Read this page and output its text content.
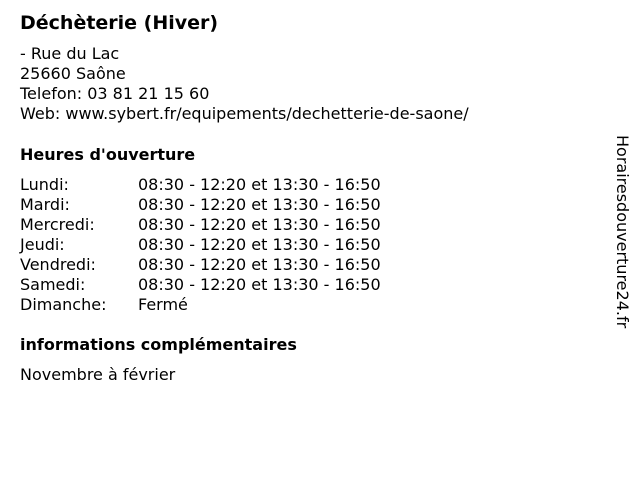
Déchèterie (Hiver)
- Rue du Lac
25660 Saône
Telefon: 03 81 21 15 60
Web: www.sybert.fr/equipements/dechetterie-de-saone/
Heures d'ouverture
Lundi:	08:30 - 12:20 et 13:30 - 16:50
Mardi:	08:30 - 12:20 et 13:30 - 16:50
Mercredi:	08:30 - 12:20 et 13:30 - 16:50
Jeudi:	08:30 - 12:20 et 13:30 - 16:50
Vendredi:	08:30 - 12:20 et 13:30 - 16:50
Samedi:	08:30 - 12:20 et 13:30 - 16:50
Dimanche:	Fermé
informations complémentaires
Novembre à février
Horairesdouverture24.fr
